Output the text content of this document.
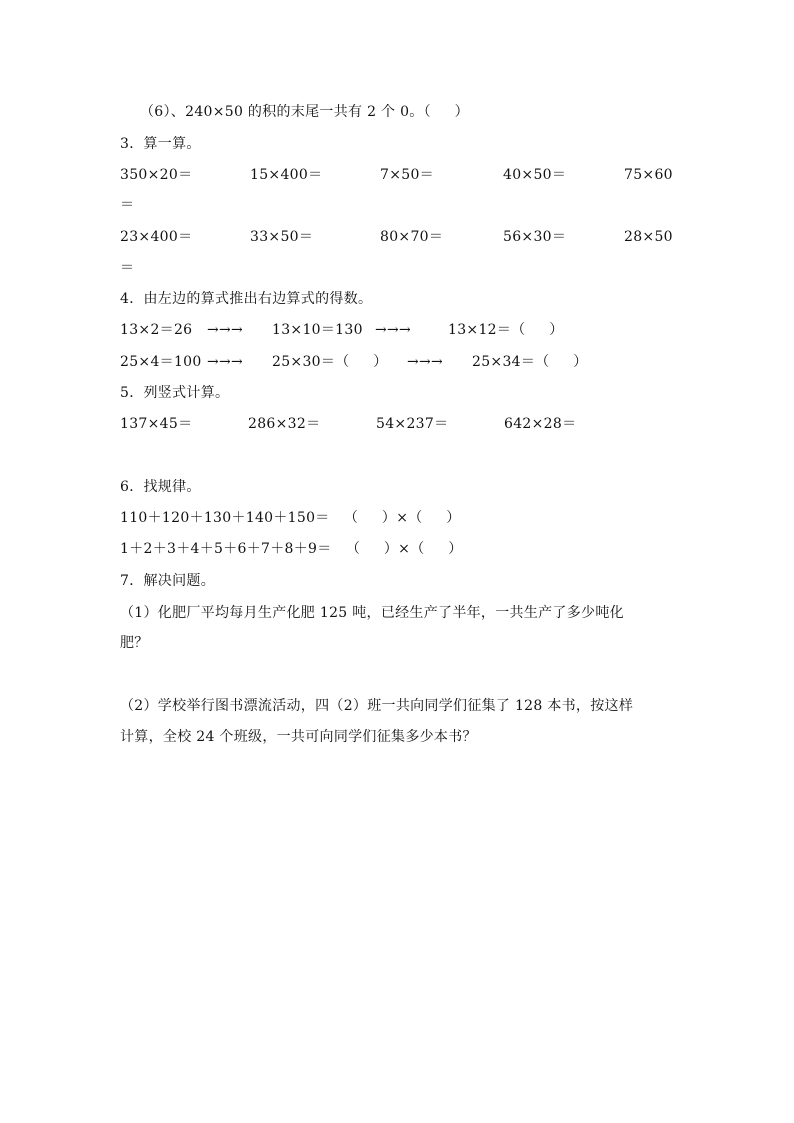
（6）、240×50 的积的末尾一共有 2 个 0。（     ）
3．算一算。
350×20＝	15×400＝	7×50＝	40×50＝	75×60
＝
23×400＝	33×50＝	80×70＝	56×30＝	28×50
＝
4．由左边的算式推出右边算式的得数。
13×2＝26 →→→ 13×10＝130 →→→	13×12＝（     ）
25×4＝100 →→→ 25×30＝（     ） →→→ 25×34＝（     ）
5．列竖式计算。
137×45＝	286×32＝	54×237＝	642×28＝
6．找规律。
110＋120＋130＋140＋150＝   （     ）×（     ）
1＋2＋3＋4＋5＋6＋7＋8＋9＝   （     ）×（     ）
7．解决问题。
（1）化肥厂平均每月生产化肥 125 吨，已经生产了半年，一共生产了多少吨化
肥？
（2）学校举行图书漂流活动，四（2）班一共向同学们征集了 128 本书，按这样
计算，全校 24 个班级，一共可向同学们征集多少本书？
